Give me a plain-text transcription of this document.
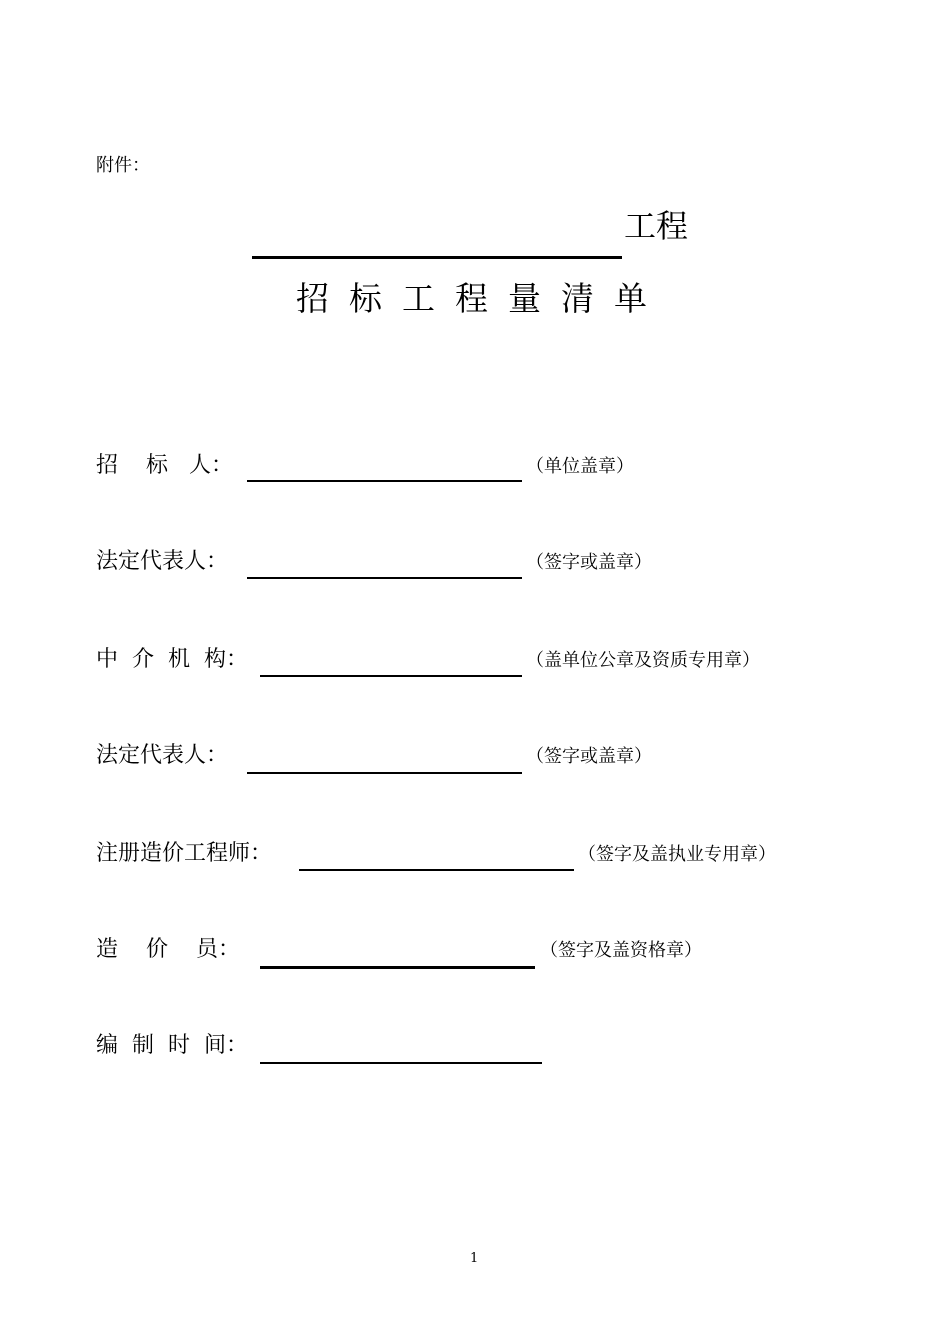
附件：
工程
招标工程量清单
招    标   人：	（单位盖章）
法定代表人：	（签字或盖章）
中  介  机  构：	（盖单位公章及资质专用章）
法定代表人：	（签字或盖章）
注册造价工程师：	（签字及盖执业专用章）
造    价    员：	（签字及盖资格章）
编  制  时  间：
1
